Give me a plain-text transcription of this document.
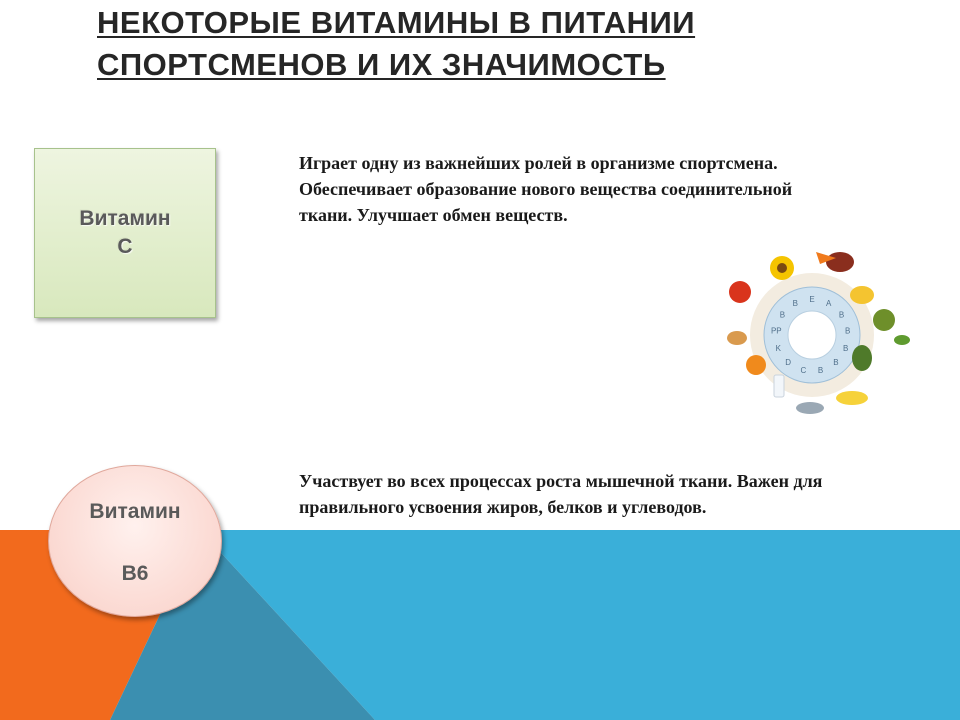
НЕКОТОРЫЕ ВИТАМИНЫ В ПИТАНИИ
СПОРТСМЕНОВ И ИХ ЗНАЧИМОСТЬ
Витамин
С
Играет одну из важнейших ролей в организме спортсмена. Обеспечивает образование нового вещества соединительной ткани. Улучшает обмен веществ.
E A
B
B
B
B
B
C
D
K
PP
B
B
Витамин
В6
Участвует во всех процессах роста мышечной ткани. Важен для правильного усвоения жиров, белков и углеводов.
